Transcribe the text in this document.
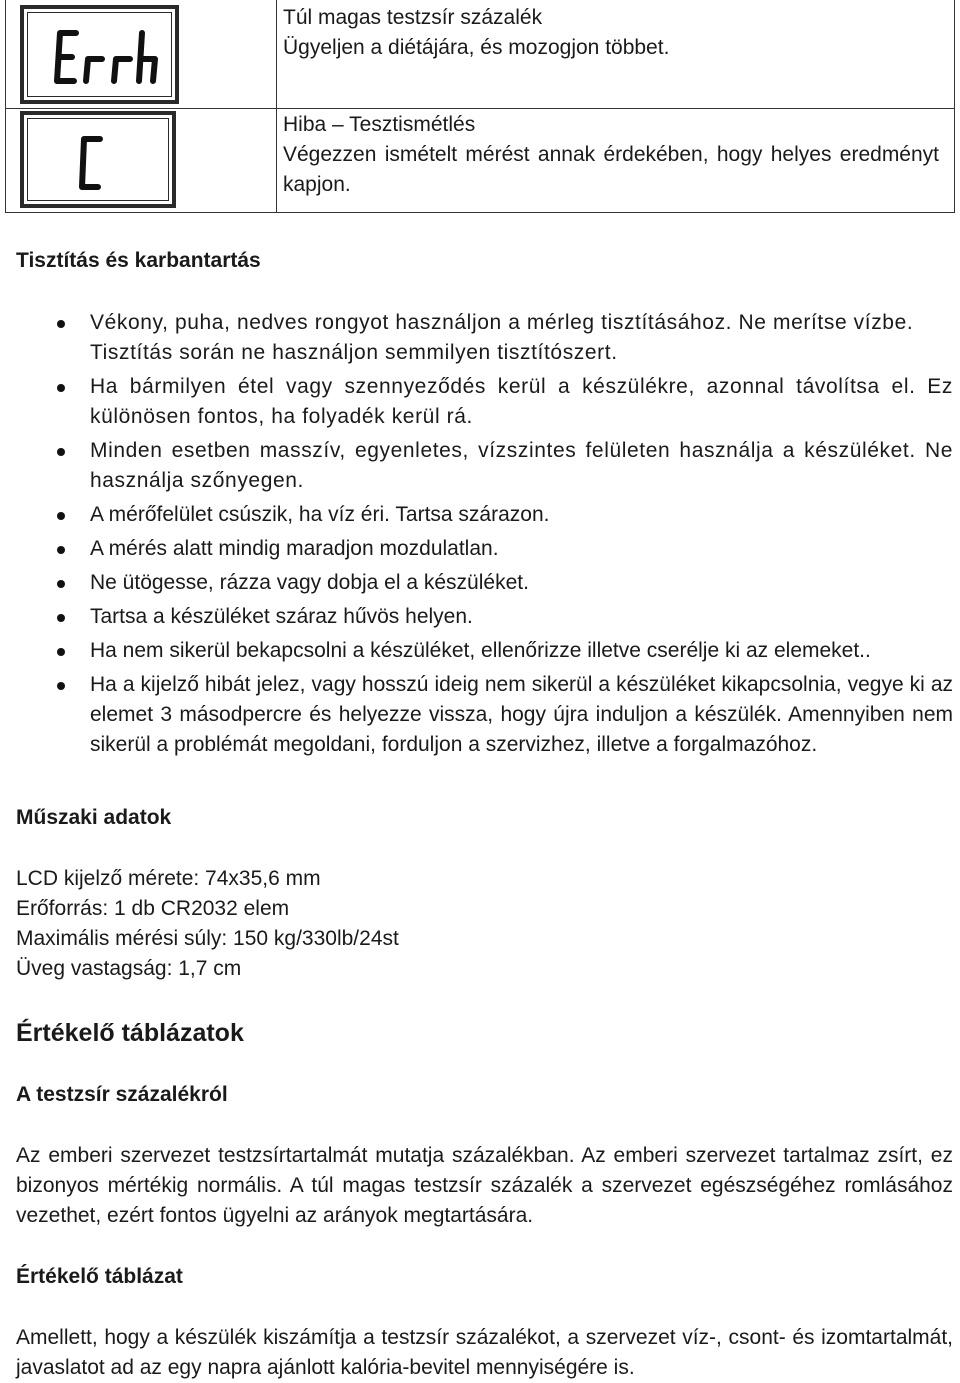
Túl magas testzsír százalék
Ügyeljen a diétájára, és mozogjon többet.
Hiba – Tesztismétlés
Végezzen ismételt mérést annak érdekében, hogy helyes eredményt kapjon.
Tisztítás és karbantartás
Vékony, puha, nedves rongyot használjon a mérleg tisztításához. Ne merítse vízbe. Tisztítás során ne használjon semmilyen tisztítószert.
Ha bármilyen étel vagy szennyeződés kerül a készülékre, azonnal távolítsa el. Ez különösen fontos, ha folyadék kerül rá.
Minden esetben masszív, egyenletes, vízszintes felületen használja a készüléket. Ne használja szőnyegen.
A mérőfelület csúszik, ha víz éri. Tartsa szárazon.
A mérés alatt mindig maradjon mozdulatlan.
Ne ütögesse, rázza vagy dobja el a készüléket.
Tartsa a készüléket száraz hűvös helyen.
Ha nem sikerül bekapcsolni a készüléket, ellenőrizze illetve cserélje ki az elemeket..
Ha a kijelző hibát jelez, vagy hosszú ideig nem sikerül a készüléket kikapcsolnia, vegye ki az elemet 3 másodpercre és helyezze vissza, hogy újra induljon a készülék. Amennyiben nem sikerül a problémát megoldani, forduljon a szervizhez, illetve a forgalmazóhoz.
Műszaki adatok
LCD kijelző mérete: 74x35,6 mm
Erőforrás: 1 db CR2032 elem
Maximális mérési súly: 150 kg/330lb/24st
Üveg vastagság: 1,7 cm
Értékelő táblázatok
A testzsír százalékról
Az emberi szervezet testzsírtartalmát mutatja százalékban. Az emberi szervezet tartalmaz zsírt, ez bizonyos mértékig normális. A túl magas testzsír százalék a szervezet egészségéhez romlásához vezethet, ezért fontos ügyelni az arányok megtartására.
Értékelő táblázat
Amellett, hogy a készülék kiszámítja a testzsír százalékot, a szervezet víz-, csont- és izomtartalmát, javaslatot ad az egy napra ajánlott kalória-bevitel mennyiségére is.
